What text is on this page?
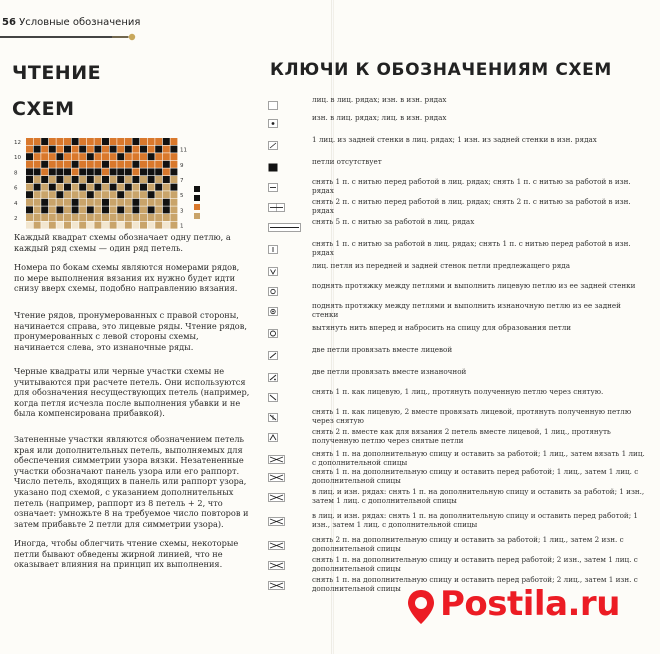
56 Условные обозначения
ЧТЕНИЕ
СХЕМ
12
10
8
6
4
2
11
9
7
5
3
1

Каждый квадрат схемы обозначает одну петлю, а каждый ряд схемы — один ряд петель.

Номера по бокам схемы являются номерами рядов, по мере выполнения вязания их нужно будет идти снизу вверх схемы, подобно направлению вязания.

Чтение рядов, пронумерованных с правой стороны, начинается справа, это лицевые ряды. Чтение рядов, пронумерованных с левой стороны схемы, начинается слева, это изнаночные ряды.

Черные квадраты или черные участки схемы не учитываются при расчете петель. Они используются для обозначения несуществующих петель (например, когда петля исчезла после выполнения убавки и не была компенсирована прибавкой).

Затененные участки являются обозначением петель края или дополнительных петель, выполняемых для обеспечения симметрии узора вязки. Незатененные участки обозначают панель узора или его раппорт. Число петель, входящих в панель или раппорт узора, указано под схемой, с указанием дополнительных петель (например, раппорт из 8 петель + 2, что означает: умножьте 8 на требуемое число повторов и затем прибавьте 2 петли для симметрии узора).

Иногда, чтобы облегчить чтение схемы, некоторые петли бывают обведены жирной линией, что не оказывает влияния на принцип их выполнения.

КЛЮЧИ К ОБОЗНАЧЕНИЯМ СХЕМ
лиц. в лиц. рядах; изн. в изн. рядах
изн. в лиц. рядах; лиц. в изн. рядах
1 лиц. из задней стенки в лиц. рядах; 1 изн. из задней стенки в изн. рядах
петли отсутствует
снять 1 п. с нитью перед работой в лиц. рядах; снять 1 п. с нитью за работой в изн. рядах
снять 2 п. с нитью перед работой в лиц. рядах; снять 2 п. с нитью за работой в изн. рядах
снять 5 п. с нитью за работой в лиц. рядах
снять 1 п. с нитью за работой в лиц. рядах; снять 1 п. с нитью перед работой в изн. рядах
лиц. петля из передней и задней стенок петли предлежащего ряда
поднять протяжку между петлями и выполнить лицевую петлю из ее задней стенки
поднять протяжку между петлями и выполнить изнаночную петлю из ее задней стенки
вытянуть нить вперед и набросить на спицу для образования петли
две петли провязать вместе лицевой
две петли провязать вместе изнаночной
снять 1 п. как лицевую, 1 лиц., протянуть полученную петлю через снятую.
снять 1 п. как лицевую, 2 вместе провязать лицевой, протянуть полученную петлю через снятую
снять 2 п. вместе как для вязания 2 петель вместе лицевой, 1 лиц., протянуть полученную петлю через снятые петли
снять 1 п. на дополнительную спицу и оставить за работой; 1 лиц., затем вязать 1 лиц. с дополнительной спицы
снять 1 п. на дополнительную спицу и оставить перед работой; 1 лиц., затем 1 лиц. с дополнительной спицы
в лиц. и изн. рядах: снять 1 п. на дополнительную спицу и оставить за работой; 1 изн., затем 1 лиц. с дополнительной спицы
в лиц. и изн. рядах: снять 1 п. на дополнительную спицу и оставить перед работой; 1 изн., затем 1 лиц. с дополнительной спицы
снять 2 п. на дополнительную спицу и оставить за работой; 1 лиц., затем 2 изн. с дополнительной спицы
снять 1 п. на дополнительную спицу и оставить перед работой; 2 изн., затем 1 лиц. с дополнительной спицы
снять 1 п. на дополнительную спицу и оставить перед работой; 2 лиц., затем 1 изн. с дополнительной спицы	Postila.ru
